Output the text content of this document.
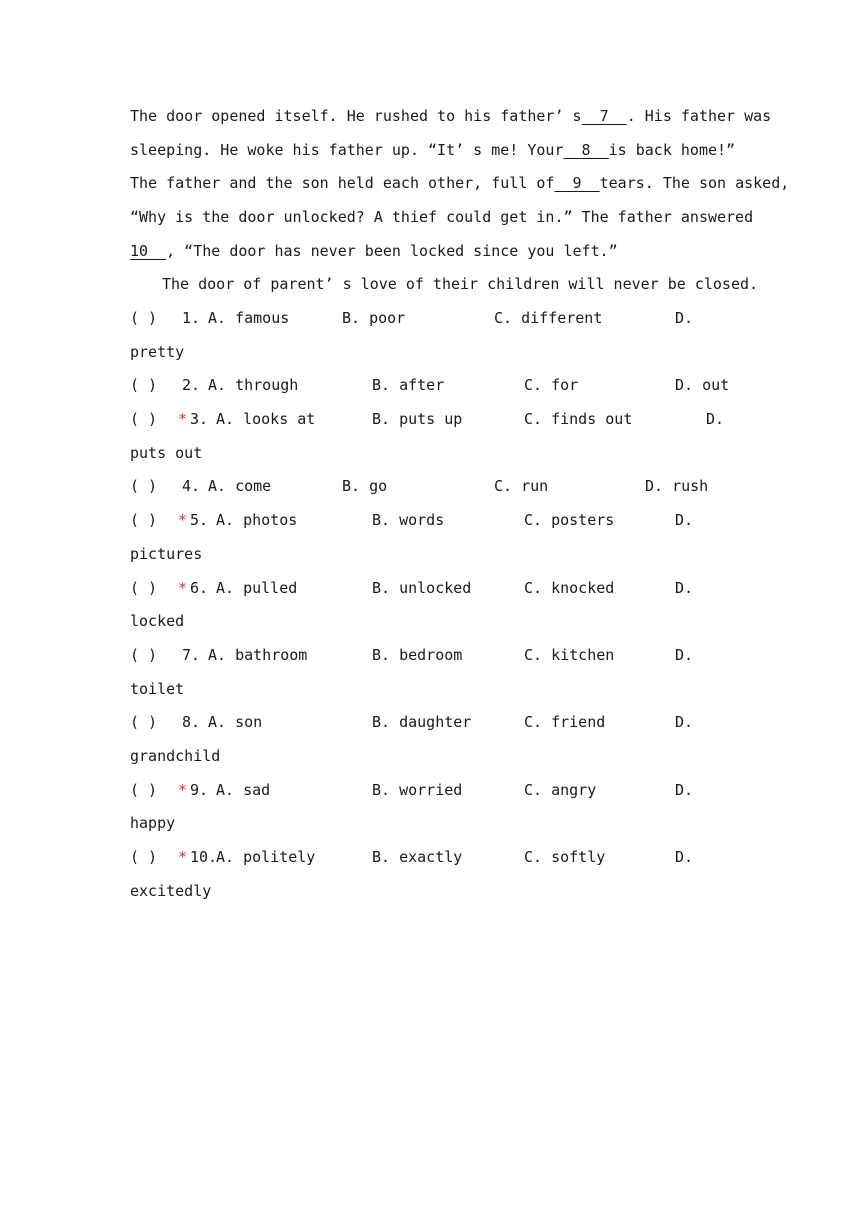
The door opened itself. He rushed to his father’ s 7 . His father was
sleeping. He woke his father up. “It’ s me! Your 8 is back home!”
The father and the son held each other, full of 9 tears. The son asked,
“Why is the door unlocked? A thief could get in.” The father answered
10  , “The door has never been locked since you left.”
The door of parent’ s love of their children will never be closed.
( ) 1. A. famous	B. poor	C. different	D.
pretty
( ) 2. A. through	B. after	C. for	D. out
( ) * 3. A. looks at	B. puts up	C. finds out	D.
puts out
( ) 4. A. come	B. go	C. run	D. rush
( ) * 5. A. photos	B. words	C. posters	D.
pictures
( ) * 6. A. pulled	B. unlocked	C. knocked	D.
locked
( ) 7. A. bathroom	B. bedroom	C. kitchen	D.
toilet
( ) 8. A. son	B. daughter	C. friend	D.
grandchild
( ) * 9. A. sad	B. worried	C. angry	D.
happy
( ) * 10.
A. politely	B. exactly	C. softly	D.
excitedly
